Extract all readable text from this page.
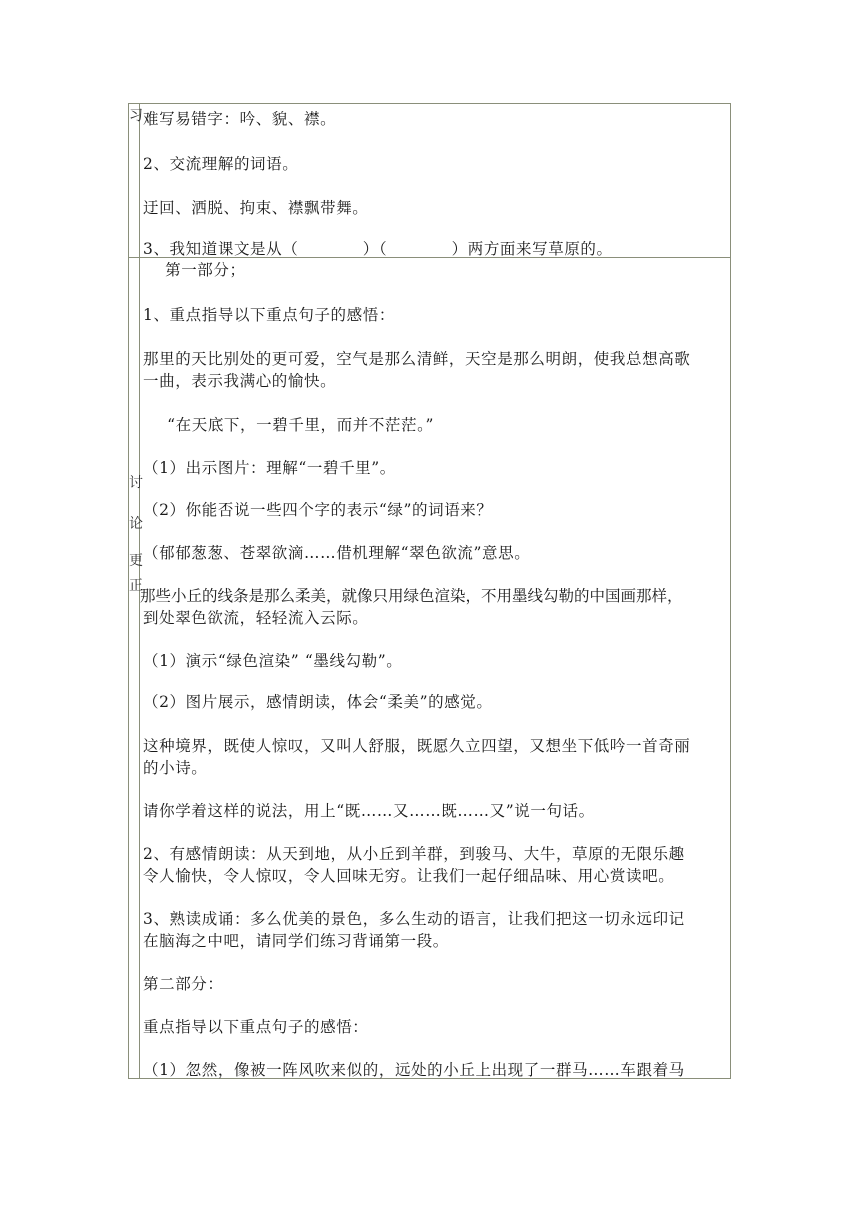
习 难写易错字：吟、貌、襟。

2、交流理解的词语。

迂回、洒脱、拘束、襟飘带舞。

3、我知道课文是从（　　　　）（　　　　）两方面来写草原的。

讨
论
更
正

　第一部分；

1、重点指导以下重点句子的感悟：

那里的天比别处的更可爱，空气是那么清鲜，天空是那么明朗，使我总想高歌

一曲，表示我满心的愉快。

　“在天底下，一碧千里，而并不茫茫。”

（1）出示图片：理解“一碧千里”。

（2）你能否说一些四个字的表示“绿”的词语来？

（郁郁葱葱、苍翠欲滴……借机理解“翠色欲流”意思。

那些小丘的线条是那么柔美，就像只用绿色渲染，不用墨线勾勒的中国画那样，

到处翠色欲流，轻轻流入云际。

（1）演示“绿色渲染” “墨线勾勒”。

（2）图片展示，感情朗读，体会“柔美”的感觉。

这种境界，既使人惊叹，又叫人舒服，既愿久立四望，又想坐下低吟一首奇丽

的小诗。

请你学着这样的说法，用上“既……又……既……又”说一句话。

2、有感情朗读：从天到地，从小丘到羊群，到骏马、大牛，草原的无限乐趣

令人愉快，令人惊叹，令人回味无穷。让我们一起仔细品味、用心赏读吧。

3、熟读成诵：多么优美的景色，多么生动的语言，让我们把这一切永远印记

在脑海之中吧，请同学们练习背诵第一段。

第二部分：

重点指导以下重点句子的感悟：

（1）忽然，像被一阵风吹来似的，远处的小丘上出现了一群马……车跟着马
